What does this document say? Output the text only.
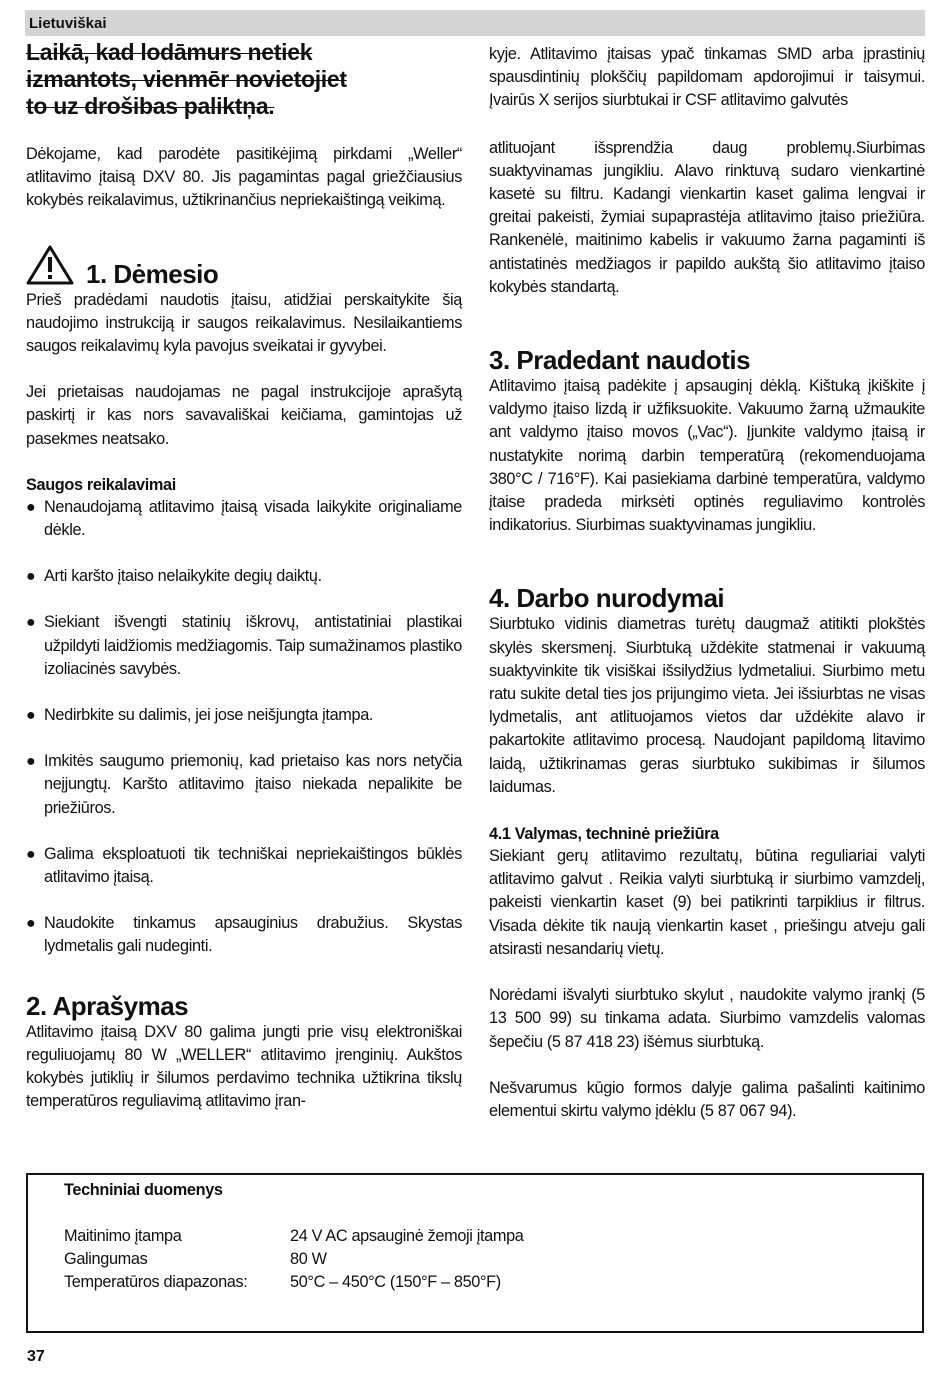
Lietuviškai
Laikā, kad lodāmurs netiek
izmantots, vienmēr novietojiet
to uz drošibas paliktņa.

Dėkojame, kad parodėte pasitikėjimą pirkdami „Weller“ atlitavimo įtaisą DXV 80. Jis pagamintas pagal griežčiausius kokybės reikalavimus, užtikrinančius nepriekaištingą veikimą.

1. Dėmesio

Prieš pradėdami naudotis įtaisu, atidžiai perskaitykite šią naudojimo instrukciją ir saugos reikalavimus. Nesilaikantiems saugos reikalavimų kyla pavojus sveikatai ir gyvybei.

Jei prietaisas naudojamas ne pagal instrukcijoje aprašytą paskirtį ir kas nors savavališkai keičiama, gamintojas už pasekmes neatsako.

Saugos reikalavimai
● Nenaudojamą atlitavimo įtaisą visada laikykite originaliame dėkle.

● Arti karšto įtaiso nelaikykite degių daiktų.

● Siekiant išvengti statinių iškrovų, antistatiniai plastikai užpildyti laidžiomis medžiagomis. Taip sumažinamos plastiko izoliacinės savybės.

● Nedirbkite su dalimis, jei jose neišjungta įtampa.

● Imkitės saugumo priemonių, kad prietaiso kas nors netyčia neįjungtų. Karšto atlitavimo įtaiso niekada nepalikite be priežiūros.

● Galima eksploatuoti tik techniškai nepriekaištingos būklės atlitavimo įtaisą.

● Naudokite tinkamus apsauginius drabužius. Skystas lydmetalis gali nudeginti.

2. Aprašymas

Atlitavimo įtaisą DXV 80 galima jungti prie visų elektroniškai reguliuojamų 80 W „WELLER“ atlitavimo įrenginių. Aukštos kokybės jutiklių ir šilumos perdavimo technika užtikrina tikslų temperatūros reguliavimą atlitavimo įran-

kyje. Atlitavimo įtaisas ypač tinkamas SMD arba įprastinių spausdintinių plokščių papildomam apdorojimui ir taisymui. Įvairūs X serijos siurbtukai ir CSF atlitavimo galvutės

atlituojant išsprendžia daug problemų.Siurbimas suaktyvinamas jungikliu. Alavo rinktuvą sudaro vienkartinė kasetė su filtru. Kadangi vienkartin kaset galima lengvai ir greitai pakeisti, žymiai supaprastėja atlitavimo įtaiso priežiūra. Rankenėlė, maitinimo kabelis ir vakuumo žarna pagaminti iš antistatinės medžiagos ir papildo aukštą šio atlitavimo įtaiso kokybės standartą.

3. Pradedant naudotis

Atlitavimo įtaisą padėkite į apsauginį dėklą. Kištuką įkiškite į valdymo įtaiso lizdą ir užfiksuokite. Vakuumo žarną užmaukite ant valdymo įtaiso movos („Vac“). Įjunkite valdymo įtaisą ir nustatykite norimą darbin temperatūrą (rekomenduojama 380°C / 716°F). Kai pasiekiama darbinė temperatūra, valdymo įtaise pradeda mirksėti optinės reguliavimo kontrolės indikatorius. Siurbimas suaktyvinamas jungikliu.

4. Darbo nurodymai

Siurbtuko vidinis diametras turėtų daugmaž atitikti plokštės skylės skersmenį. Siurbtuką uždėkite statmenai ir vakuumą suaktyvinkite tik visiškai išsilydžius lydmetaliui. Siurbimo metu ratu sukite detal ties jos prijungimo vieta. Jei išsiurbtas ne visas lydmetalis, ant atlituojamos vietos dar uždėkite alavo ir pakartokite atlitavimo procesą. Naudojant papildomą litavimo laidą, užtikrinamas geras siurbtuko sukibimas ir šilumos laidumas.

4.1 Valymas, techninė priežiūra

Siekiant gerų atlitavimo rezultatų, būtina reguliariai valyti atlitavimo galvut . Reikia valyti siurbtuką ir siurbimo vamzdelį, pakeisti vienkartin kaset (9) bei patikrinti tarpiklius ir filtrus. Visada dėkite tik naują vienkartin kaset , priešingu atveju gali atsirasti nesandarių vietų.

Norėdami išvalyti siurbtuko skylut , naudokite valymo įrankį (5 13 500 99) su tinkama adata. Siurbimo vamzdelis valomas šepečiu (5 87 418 23) išėmus siurbtuką.

Nešvarumus kūgio formos dalyje galima pašalinti kaitinimo elementui skirtu valymo įdėklu (5 87 067 94).

Techniniai duomenys
Maitinimo įtampa	24 V AC apsauginė žemoji įtampa
Galingumas	80 W
Temperatūros diapazonas:	50°C – 450°C (150°F – 850°F)
37
